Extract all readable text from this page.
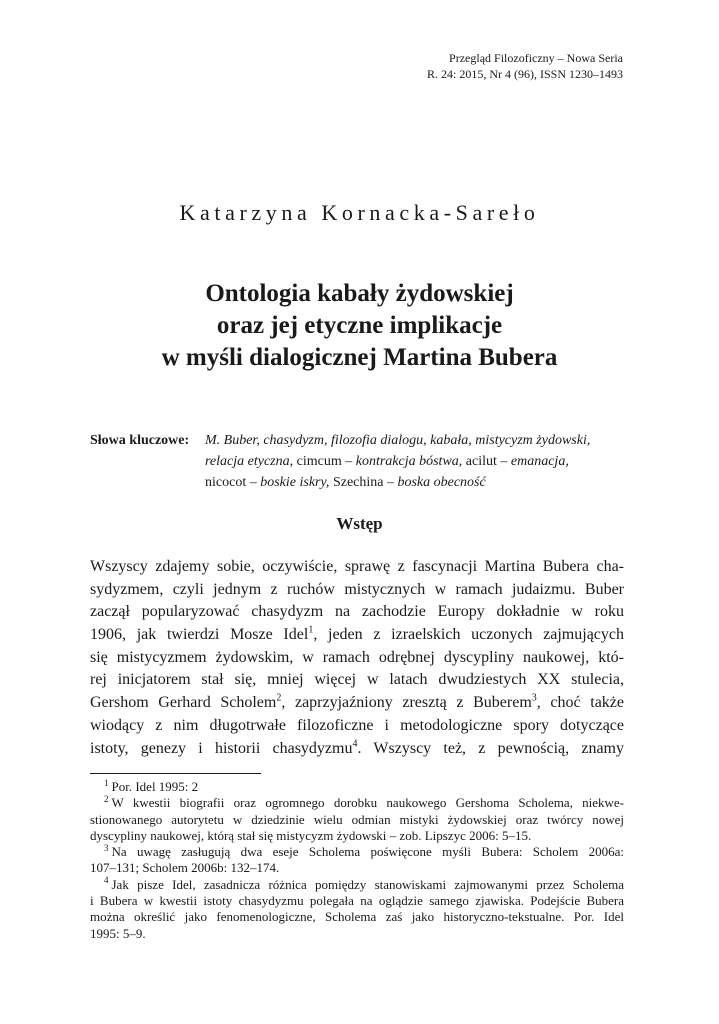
Przegląd Filozoficzny – Nowa Seria
R. 24: 2015, Nr 4 (96), ISSN 1230–1493
Katarzyna Kornacka-Sarełо
Ontologia kabały żydowskiej
oraz jej etyczne implikacje
w myśli dialogicznej Martina Bubera
Słowa kluczowe: M. Buber, chasydyzm, filozofia dialogu, kabała, mistycyzm żydowski,
relacja etyczna, cimcum – kontrakcja bóstwa, acilut – emanacja,
nicocot – boskie iskry, Szechina – boska obecność
Wstęp
Wszyscy zdajemy sobie, oczywiście, sprawę z fascynacji Martina Bubera cha-
sydyzmem, czyli jednym z ruchów mistycznych w ramach judaizmu. Buber
zaczął popularyzować chasydyzm na zachodzie Europy dokładnie w roku
1906, jak twierdzi Mosze Idel$^1$, jeden z izraelskich uczonych zajmujących
się mistycyzmem żydowskim, w ramach odrębnej dyscypliny naukowej, któ-
rej inicjatorem stał się, mniej więcej w latach dwudziestych XX stulecia,
Gershom Gerhard Scholem$^2$, zaprzyjaźniony zresztą z Buberem$^3$, choć także
wiodący z nim długotrwałe filozoficzne i metodologiczne spory dotyczące
istoty, genezy i historii chasydyzmu$^4$. Wszyscy też, z pewnością, znamy
$^1$ Por. Idel 1995: 2
$^2$ W kwestii biografii oraz ogromnego dorobku naukowego Gershoma Scholema, niekwe-
stionowanego autorytetu w dziedzinie wielu odmian mistyki żydowskiej oraz twórcy nowej
dyscypliny naukowej, którą stał się mistycyzm żydowski – zob. Lipszyc 2006: 5–15.
$^3$ Na uwagę zasługują dwa eseje Scholema poświęcone myśli Bubera: Scholem 2006a:
107–131; Scholem 2006b: 132–174.
$^4$ Jak pisze Idel, zasadnicza różnica pomiędzy stanowiskami zajmowanymi przez Scholema
i Bubera w kwestii istoty chasydyzmu polegała na oglądzie samego zjawiska. Podejście Bubera
można określić jako fenomenologiczne, Scholema zaś jako historyczno-tekstualne. Por. Idel
1995: 5–9.
